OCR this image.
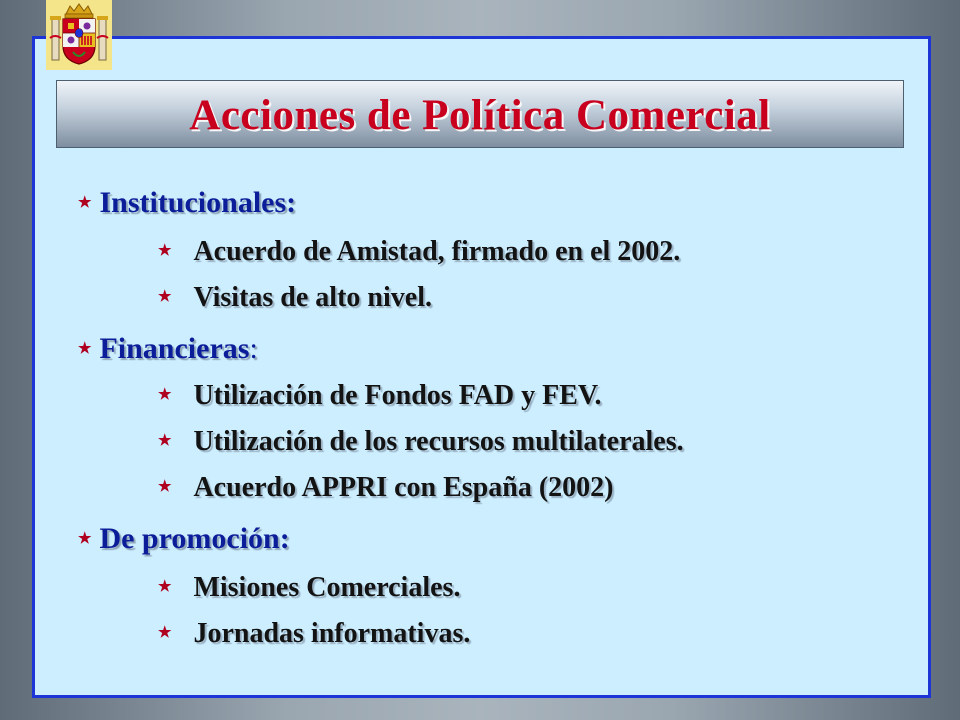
Acciones de Política Comercial
★ Institucionales:
★ Acuerdo de Amistad, firmado en el 2002.
★ Visitas de alto nivel.
★ Financieras:
★ Utilización de Fondos FAD y FEV.
★ Utilización de los recursos multilaterales.
★ Acuerdo APPRI con España (2002)
★ De promoción:
★ Misiones Comerciales.
★ Jornadas informativas.
